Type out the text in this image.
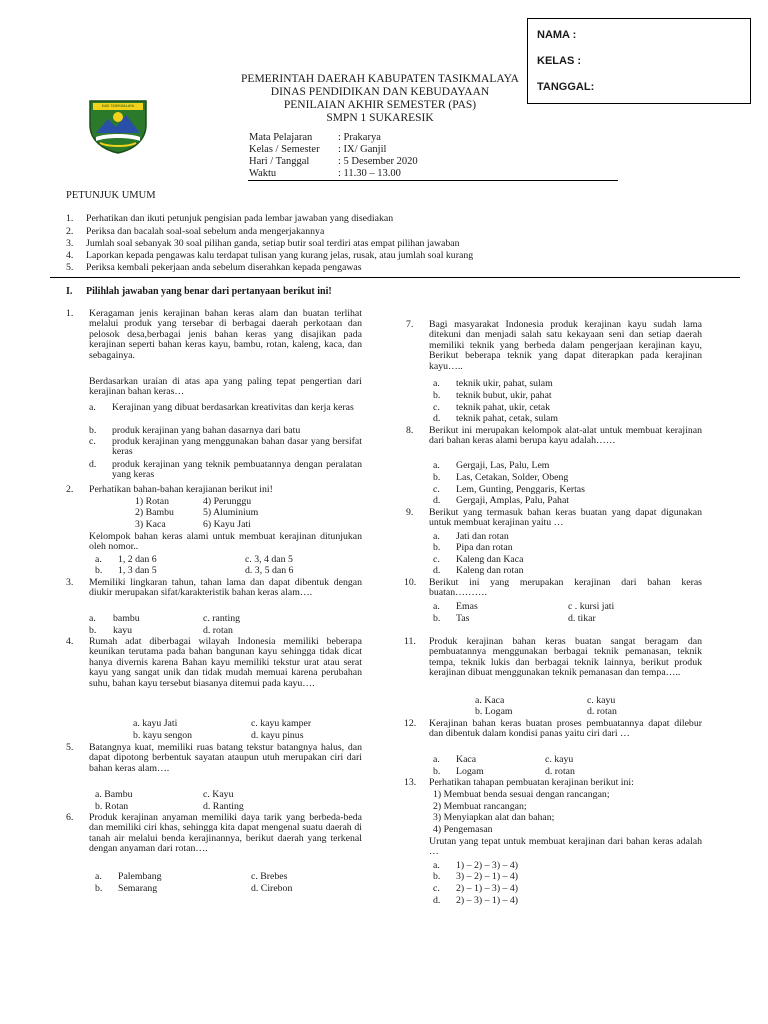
NAMA :
KELAS :
TANGGAL:
KAB. TASIKMALAYA
PEMERINTAH DAERAH KABUPATEN TASIKMALAYA
DINAS PENDIDIKAN DAN KEBUDAYAAN
PENILAIAN AKHIR SEMESTER (PAS)
SMPN 1 SUKARESIK
Mata Pelajaran : Prakarya
Kelas / Semester : IX/ Ganjil
Hari / Tanggal	: 5 Desember 2020
Waktu	: 11.30 – 13.00
PETUNJUK UMUM
1. Perhatikan dan ikuti petunjuk pengisian pada lembar jawaban yang disediakan
2. Periksa dan bacalah soal-soal sebelum anda mengerjakannya
3. Jumlah soal sebanyak 30 soal pilihan ganda, setiap butir soal terdiri atas empat pilihan jawaban
4. Laporkan kepada pengawas kalu terdapat tulisan yang kurang jelas, rusak, atau jumlah soal kurang
5. Periksa kembali pekerjaan anda sebelum diserahkan kepada pengawas
I. Pilihlah jawaban yang benar dari pertanyaan berikut ini!
1. Keragaman jenis kerajinan bahan keras alam dan buatan terlihat melalui produk yang tersebar di berbagai daerah perkotaan dan pelosok desa,berbagai jenis bahan keras yang disajikan pada kerajinan seperti bahan keras kayu, bambu, rotan, kaleng, kaca, dan sebagainya.
Berdasarkan uraian di atas apa yang paling tepat pengertian dari kerajinan bahan keras…
a. Kerajinan yang dibuat berdasarkan kreativitas dan kerja keras
b. produk kerajinan yang bahan dasarnya dari batu
c. produk kerajinan yang menggunakan bahan dasar yang bersifat keras
d. produk kerajinan yang teknik pembuatannya dengan peralatan yang keras
2. Perhatikan bahan-bahan kerajianan berikut ini!
1) Rotan	4) Perunggu
2) Bambu	5) Aluminium
3) Kaca	6) Kayu Jati
Kelompok bahan keras alami untuk membuat kerajinan ditunjukan oleh nomor..
a. 1, 2 dan 6	c. 3, 4 dan 5
b. 1, 3 dan 5	d. 3, 5 dan 6
3. Memiliki lingkaran tahun, tahan lama dan dapat dibentuk dengan diukir merupakan sifat/karakteristik bahan keras alam….
a. bambu	c. ranting
b. kayu	d. rotan
4. Rumah adat diberbagai wilayah Indonesia memiliki beberapa keunikan terutama pada bahan bangunan kayu sehingga tidak dicat hanya divernis karena Bahan kayu memiliki tekstur urat atau serat kayu yang sangat unik dan tidak mudah memuai karena perubahan suhu, bahan kayu tersebut biasanya ditemui pada kayu….
a. kayu Jati	c. kayu kamper
b. kayu sengon	d. kayu pinus
5. Batangnya kuat, memiliki ruas batang tekstur batangnya halus, dan dapat dipotong berbentuk sayatan ataupun utuh merupakan ciri dari bahan keras alam….
a. Bambu	c. Kayu
b. Rotan	d. Ranting
6. Produk kerajinan anyaman memiliki daya tarik yang berbeda-beda dan memiliki ciri khas, sehingga kita dapat mengenal suatu daerah di tanah air melalui benda kerajinannya, berikut daerah yang terkenal dengan anyaman dari rotan….
a. Palembang	c. Brebes
b. Semarang	d. Cirebon
7. Bagi masyarakat Indonesia produk kerajinan kayu sudah lama ditekuni dan menjadi salah satu kekayaan seni dan setiap daerah memiliki teknik yang berbeda dalam pengerjaan kerajinan kayu, Berikut beberapa teknik yang dapat diterapkan pada kerajinan kayu…..
a. teknik ukir, pahat, sulam
b. teknik bubut, ukir, pahat
c. teknik pahat, ukir, cetak
d. teknik pahat, cetak, sulam
8. Berikut ini merupakan kelompok alat-alat untuk membuat kerajinan dari bahan keras alami berupa kayu adalah……
a. Gergaji, Las, Palu, Lem
b. Las, Cetakan, Solder, Obeng
c. Lem, Gunting, Penggaris, Kertas
d. Gergaji, Amplas, Palu, Pahat
9. Berikut yang termasuk bahan keras buatan yang dapat digunakan untuk membuat kerajinan yaitu …
a. Jati dan rotan
b. Pipa dan rotan
c. Kaleng dan Kaca
d. Kaleng dan rotan
10. Berikut ini yang merupakan kerajinan dari bahan keras buatan……….
a. Emas	c . kursi jati
b. Tas	d. tikar
11. Produk kerajinan bahan keras buatan sangat beragam dan pembuatannya menggunakan berbagai teknik pemanasan, teknik tempa, teknik lukis dan berbagai teknik lainnya, berikut produk kerajinan dibuat menggunakan teknik pemanasan dan tempa…..
a. Kaca	c. kayu
b. Logam	d. rotan
12. Kerajinan bahan keras buatan proses pembuatannya dapat dilebur dan dibentuk dalam kondisi panas yaitu ciri dari …
a. Kaca	c. kayu
b. Logam	d. rotan
13. Perhatikan tahapan pembuatan kerajinan berikut ini:
1) Membuat benda sesuai dengan rancangan;
2) Membuat rancangan;
3) Menyiapkan alat dan bahan;
4) Pengemasan
Urutan yang tepat untuk membuat kerajinan dari bahan keras adalah …
a. 1) – 2) – 3) – 4)
b. 3) – 2) – 1) – 4)
c. 2) – 1) – 3) – 4)
d. 2) – 3) – 1) – 4)
